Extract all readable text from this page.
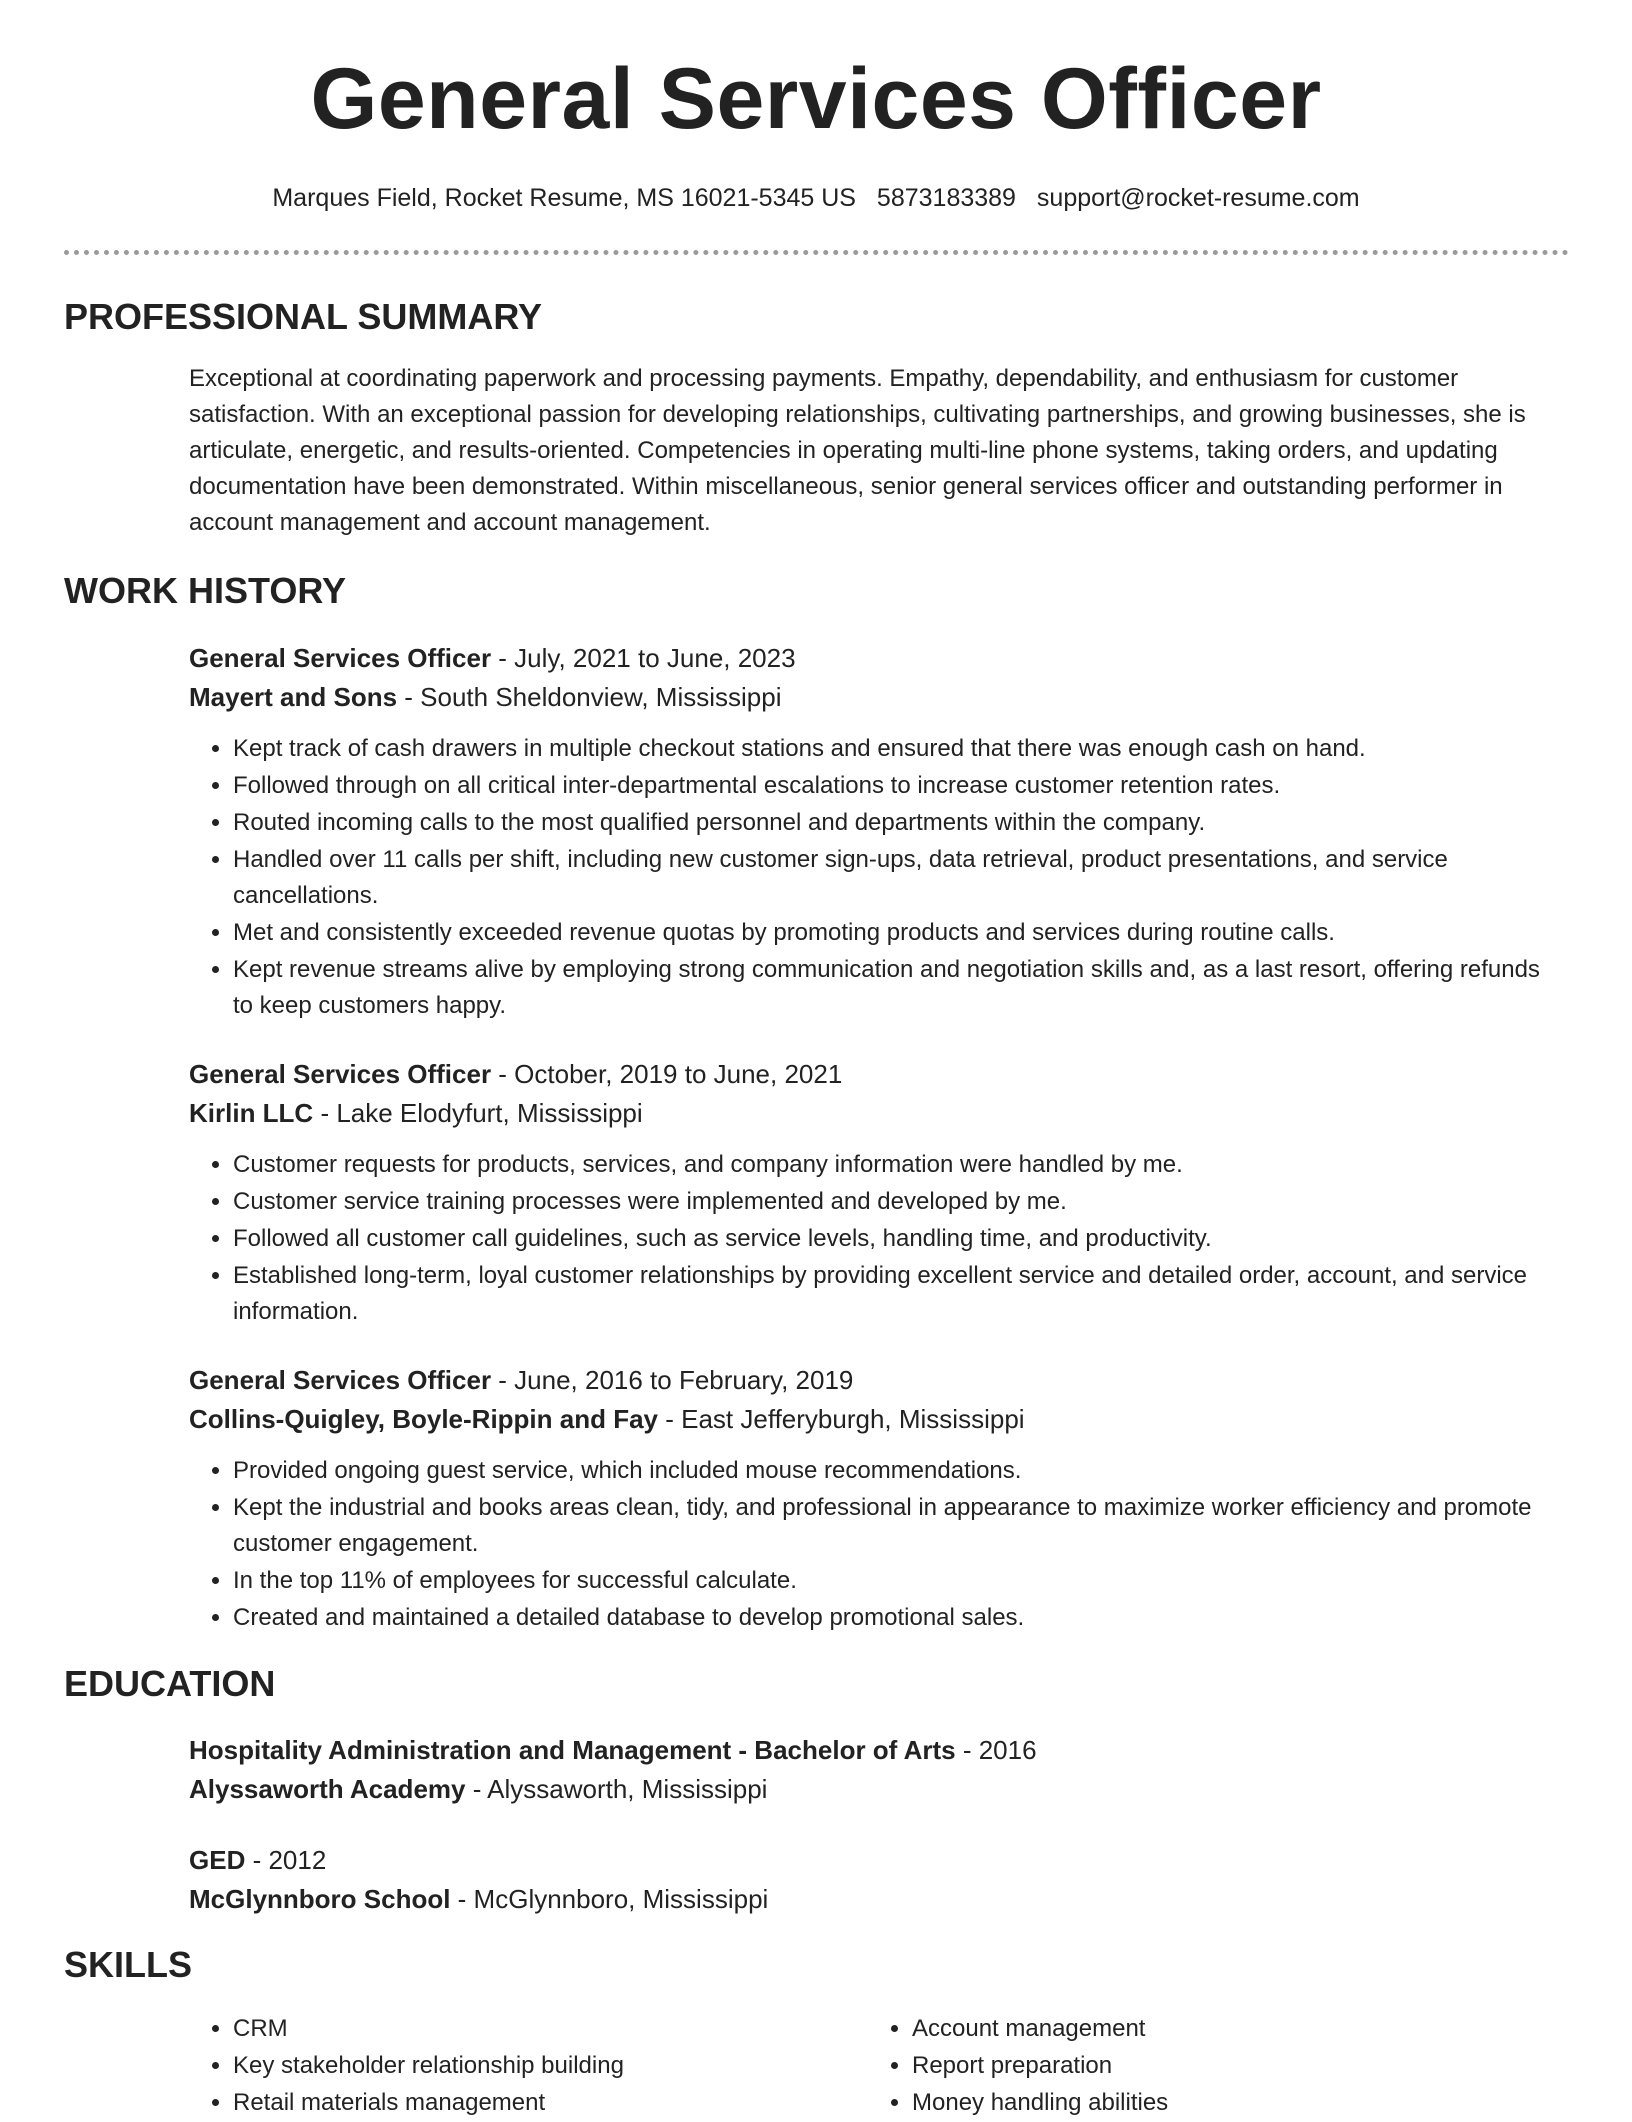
General Services Officer
Marques Field, Rocket Resume, MS 16021-5345 US 5873183389 support@rocket-resume.com
PROFESSIONAL SUMMARY

Exceptional at coordinating paperwork and processing payments. Empathy, dependability, and enthusiasm for customer satisfaction. With an exceptional passion for developing relationships, cultivating partnerships, and growing businesses, she is articulate, energetic, and results-oriented. Competencies in operating multi-line phone systems, taking orders, and updating documentation have been demonstrated. Within miscellaneous, senior general services officer and outstanding performer in account management and account management.

WORK HISTORY

General Services Officer - July, 2021 to June, 2023

Mayert and Sons - South Sheldonview, Mississippi

• Kept track of cash drawers in multiple checkout stations and ensured that there was enough cash on hand.
• Followed through on all critical inter-departmental escalations to increase customer retention rates.
• Routed incoming calls to the most qualified personnel and departments within the company.
• Handled over 11 calls per shift, including new customer sign-ups, data retrieval, product presentations, and service cancellations.
• Met and consistently exceeded revenue quotas by promoting products and services during routine calls.
• Kept revenue streams alive by employing strong communication and negotiation skills and, as a last resort, offering refunds to keep customers happy.

General Services Officer - October, 2019 to June, 2021

Kirlin LLC - Lake Elodyfurt, Mississippi

• Customer requests for products, services, and company information were handled by me.
• Customer service training processes were implemented and developed by me.
• Followed all customer call guidelines, such as service levels, handling time, and productivity.
• Established long-term, loyal customer relationships by providing excellent service and detailed order, account, and service information.

General Services Officer - June, 2016 to February, 2019

Collins-Quigley, Boyle-Rippin and Fay - East Jefferyburgh, Mississippi

• Provided ongoing guest service, which included mouse recommendations.
• Kept the industrial and books areas clean, tidy, and professional in appearance to maximize worker efficiency and promote customer engagement.
• In the top 11% of employees for successful calculate.
• Created and maintained a detailed database to develop promotional sales.
EDUCATION

Hospitality Administration and Management - Bachelor of Arts - 2016

Alyssaworth Academy - Alyssaworth, Mississippi

GED - 2012

McGlynnboro School - McGlynnboro, Mississippi

SKILLS
• CRM
• Key stakeholder relationship building
• Retail materials management
• Account management
• Report preparation
• Money handling abilities
